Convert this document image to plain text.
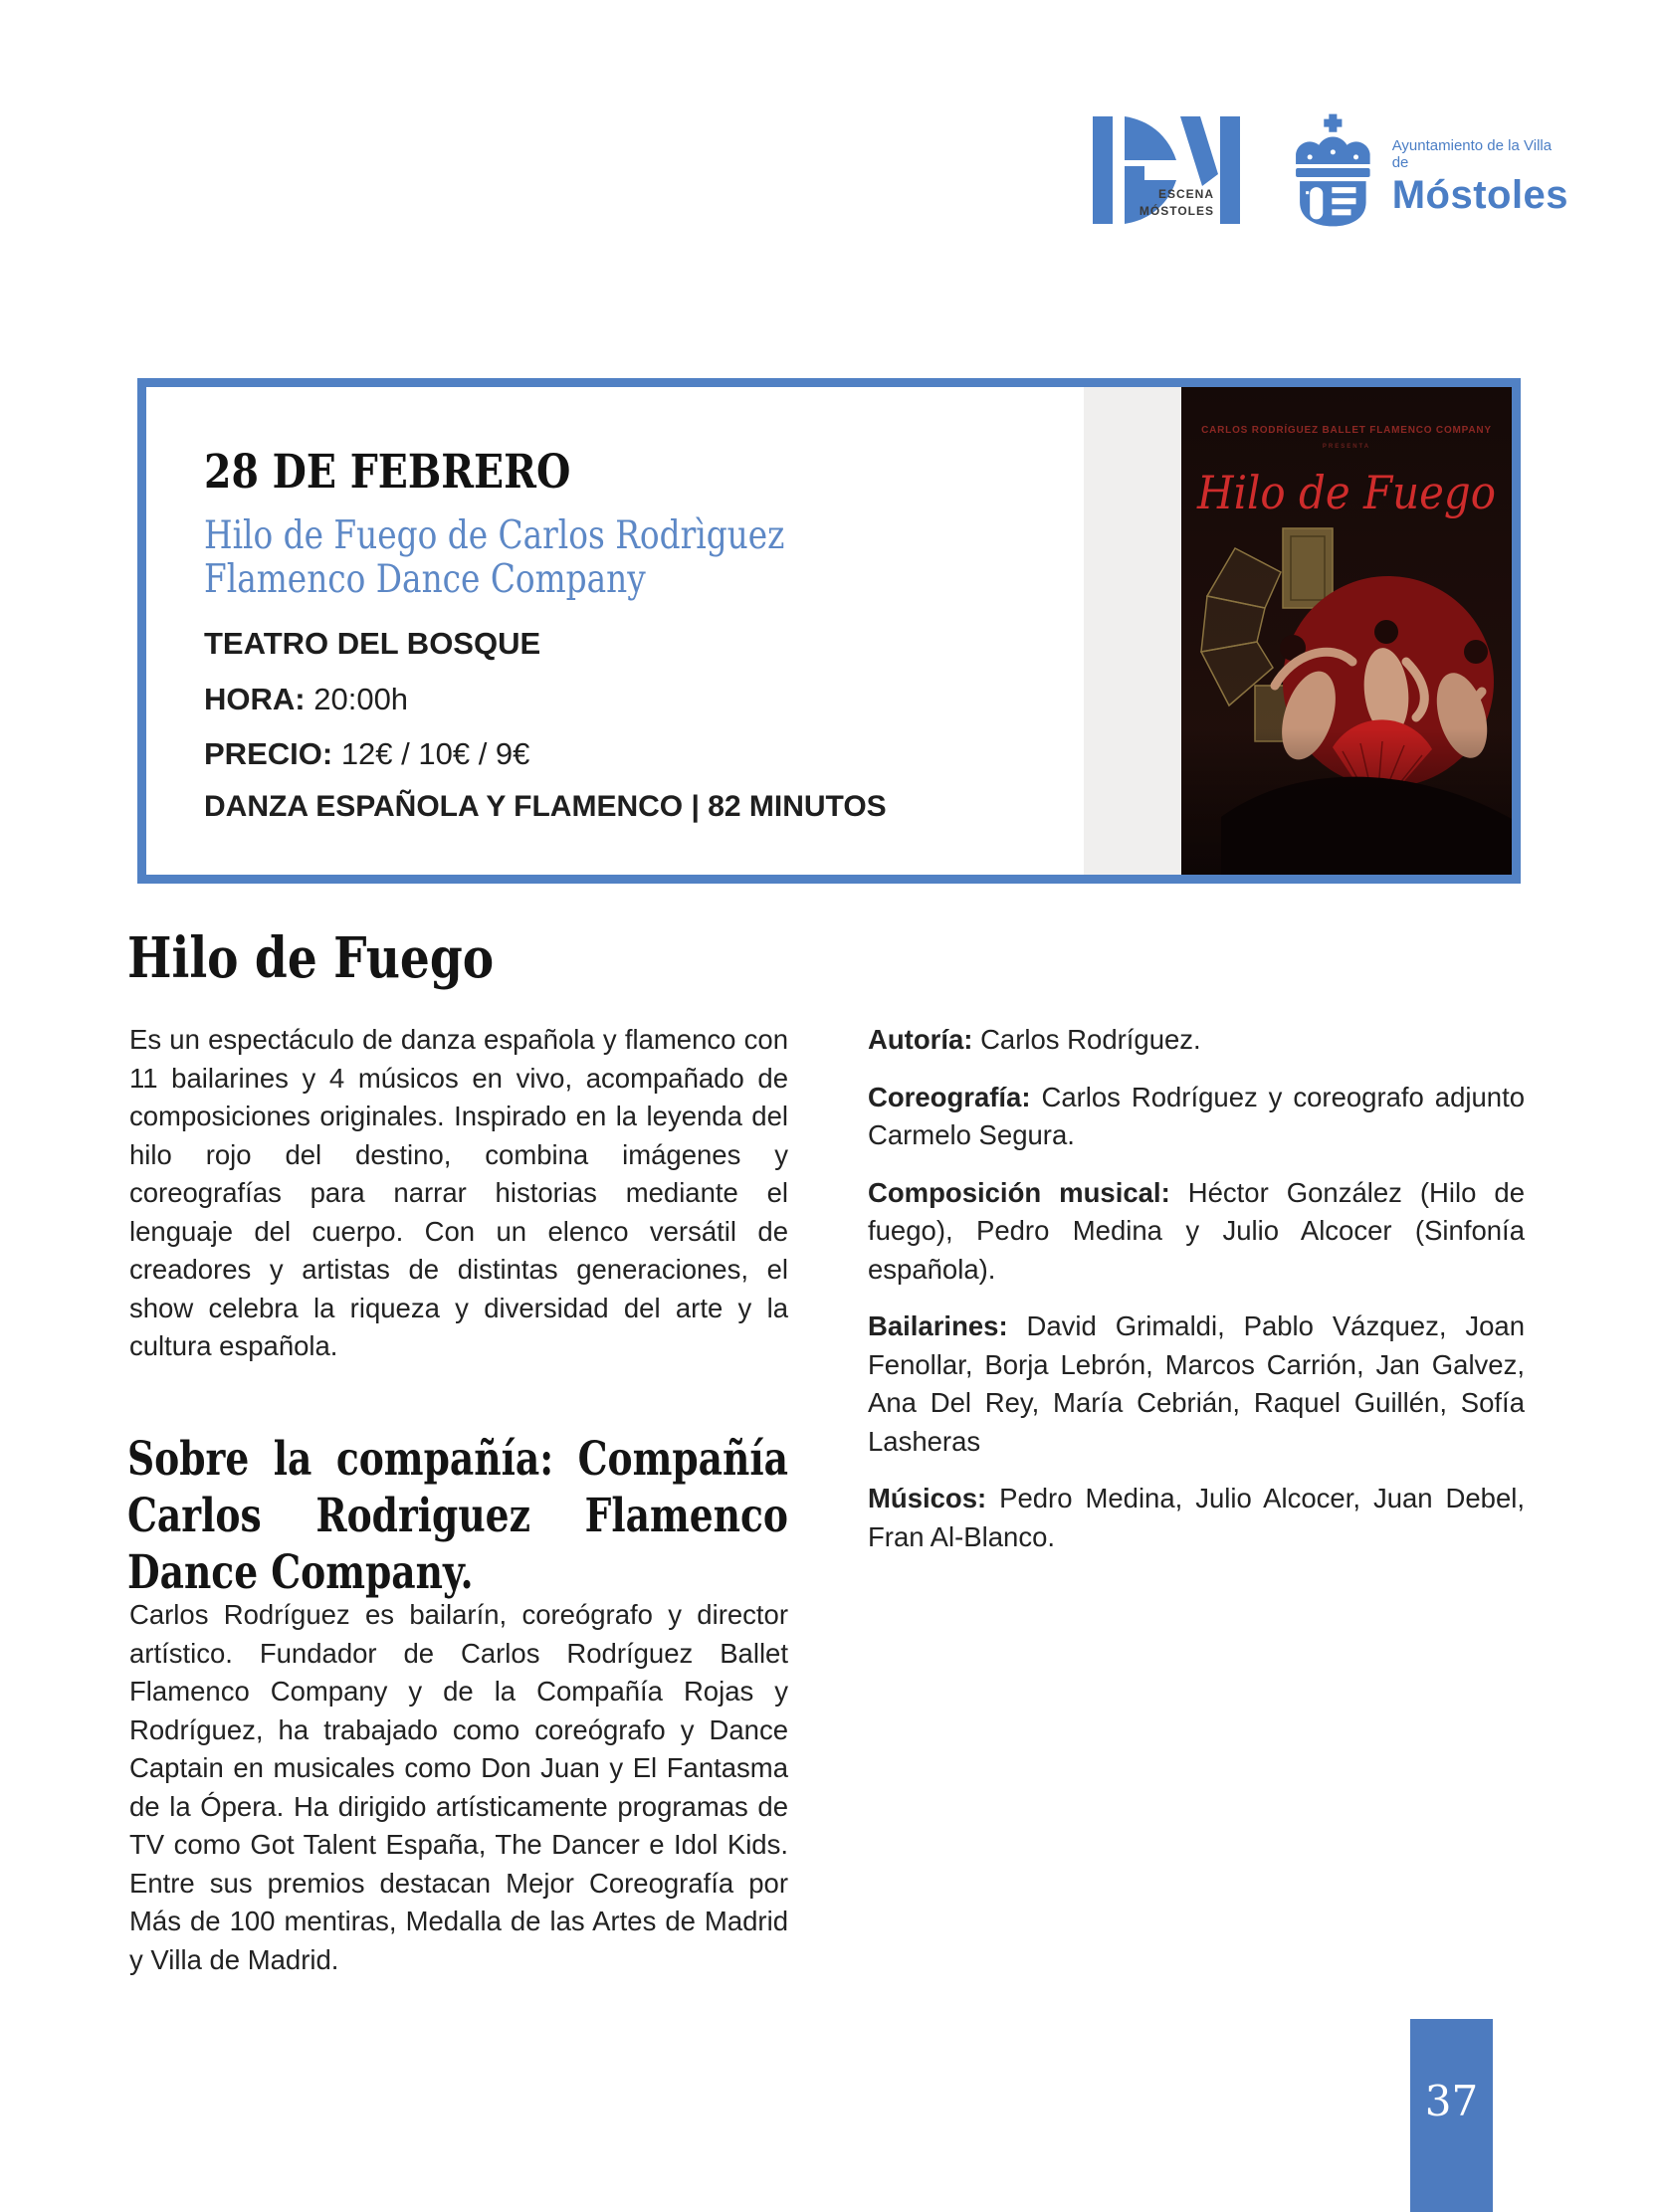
ESCENA
MÓSTOLES
Ayuntamiento de la Villa de
Móstoles
28 DE FEBRERO
Hilo de Fuego de Carlos Rodrìguez Flamenco Dance Company
TEATRO DEL BOSQUE
HORA: 20:00h
PRECIO: 12€ / 10€ / 9€
DANZA ESPAÑOLA Y FLAMENCO | 82 MINUTOS
Hilo de Fuego

Es un espectáculo de danza española y flamenco con 11 bailarines y 4 músicos en vivo, acompañado de composiciones originales. Inspirado en la leyenda del hilo rojo del destino, combina imágenes y coreografías para narrar historias mediante el lenguaje del cuerpo. Con un elenco versátil de creadores y artistas de distintas generaciones, el show celebra la riqueza y diversidad del arte y la cultura española.

Sobre la compañía: Compañía Carlos Rodriguez Flamenco Dance Company.

Carlos Rodríguez es bailarín, coreógrafo y director artístico. Fundador de Carlos Rodríguez Ballet Flamenco Company y de la Compañía Rojas y Rodríguez, ha trabajado como coreógrafo y Dance Captain en musicales como Don Juan y El Fantasma de la Ópera. Ha dirigido artísticamente programas de TV como Got Talent España, The Dancer e Idol Kids. Entre sus premios destacan Mejor Coreografía por Más de 100 mentiras, Medalla de las Artes de Madrid y Villa de Madrid.

Autoría: Carlos Rodríguez.

Coreografía: Carlos Rodríguez y coreografo adjunto Carmelo Segura.

Composición musical: Héctor González (Hilo de fuego), Pedro Medina y Julio Alcocer (Sinfonía española).

Bailarines: David Grimaldi, Pablo Vázquez, Joan Fenollar, Borja Lebrón, Marcos Carrión, Jan Galvez, Ana Del Rey, María Cebrián, Raquel Guillén, Sofía Lasheras

Músicos: Pedro Medina, Julio Alcocer, Juan Debel, Fran Al-Blanco.

37
